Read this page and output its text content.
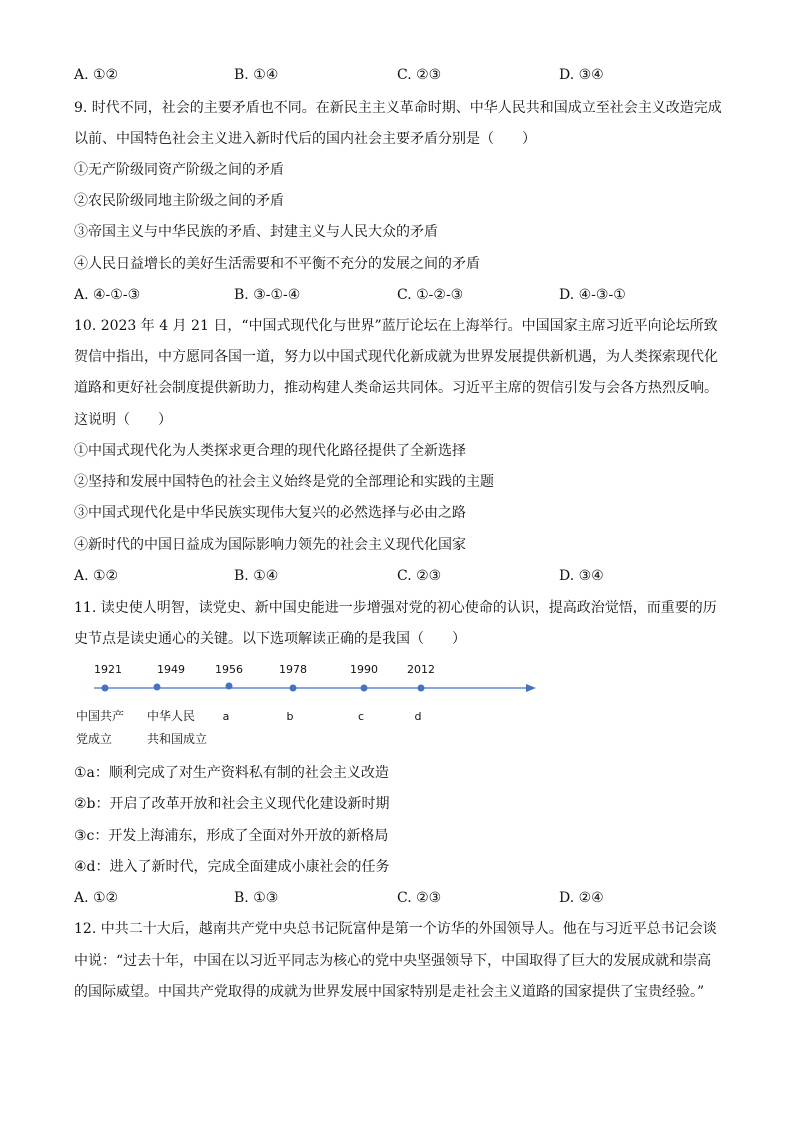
A. ①②	B. ①④	C. ②③	D. ③④
9. 时代不同，社会的主要矛盾也不同。在新民主主义革命时期、中华人民共和国成立至社会主义改造完成
以前、中国特色社会主义进入新时代后的国内社会主要矛盾分别是（　　）
①无产阶级同资产阶级之间的矛盾
②农民阶级同地主阶级之间的矛盾
③帝国主义与中华民族的矛盾、封建主义与人民大众的矛盾
④人民日益增长的美好生活需要和不平衡不充分的发展之间的矛盾
A. ④-①-③	B. ③-①-④	C. ①-②-③	D. ④-③-①
10. 2023 年 4 月 21 日，“中国式现代化与世界”蓝厅论坛在上海举行。中国国家主席习近平向论坛所致
贺信中指出，中方愿同各国一道，努力以中国式现代化新成就为世界发展提供新机遇，为人类探索现代化
道路和更好社会制度提供新助力，推动构建人类命运共同体。习近平主席的贺信引发与会各方热烈反响。
这说明（　　）
①中国式现代化为人类探求更合理的现代化路径提供了全新选择
②坚持和发展中国特色的社会主义始终是党的全部理论和实践的主题
③中国式现代化是中华民族实现伟大复兴的必然选择与必由之路
④新时代的中国日益成为国际影响力领先的社会主义现代化国家
A. ①②	B. ①④	C. ②③	D. ③④
11. 读史使人明智，读党史、新中国史能进一步增强对党的初心使命的认识，提高政治觉悟，而重要的历
史节点是读史通心的关键。以下选项解读正确的是我国（　　）
1921	1949	1956	1978	1990	2012
中国共产
党成立
中华人民
共和国成立
a	b	c	d
①a：顺利完成了对生产资料私有制的社会主义改造
②b：开启了改革开放和社会主义现代化建设新时期
③c：开发上海浦东，形成了全面对外开放的新格局
④d：进入了新时代，完成全面建成小康社会的任务
A. ①②	B. ①③	C. ②③	D. ②④
12. 中共二十大后，越南共产党中央总书记阮富仲是第一个访华的外国领导人。他在与习近平总书记会谈
中说：“过去十年，中国在以习近平同志为核心的党中央坚强领导下，中国取得了巨大的发展成就和崇高
的国际威望。中国共产党取得的成就为世界发展中国家特别是走社会主义道路的国家提供了宝贵经验。”
